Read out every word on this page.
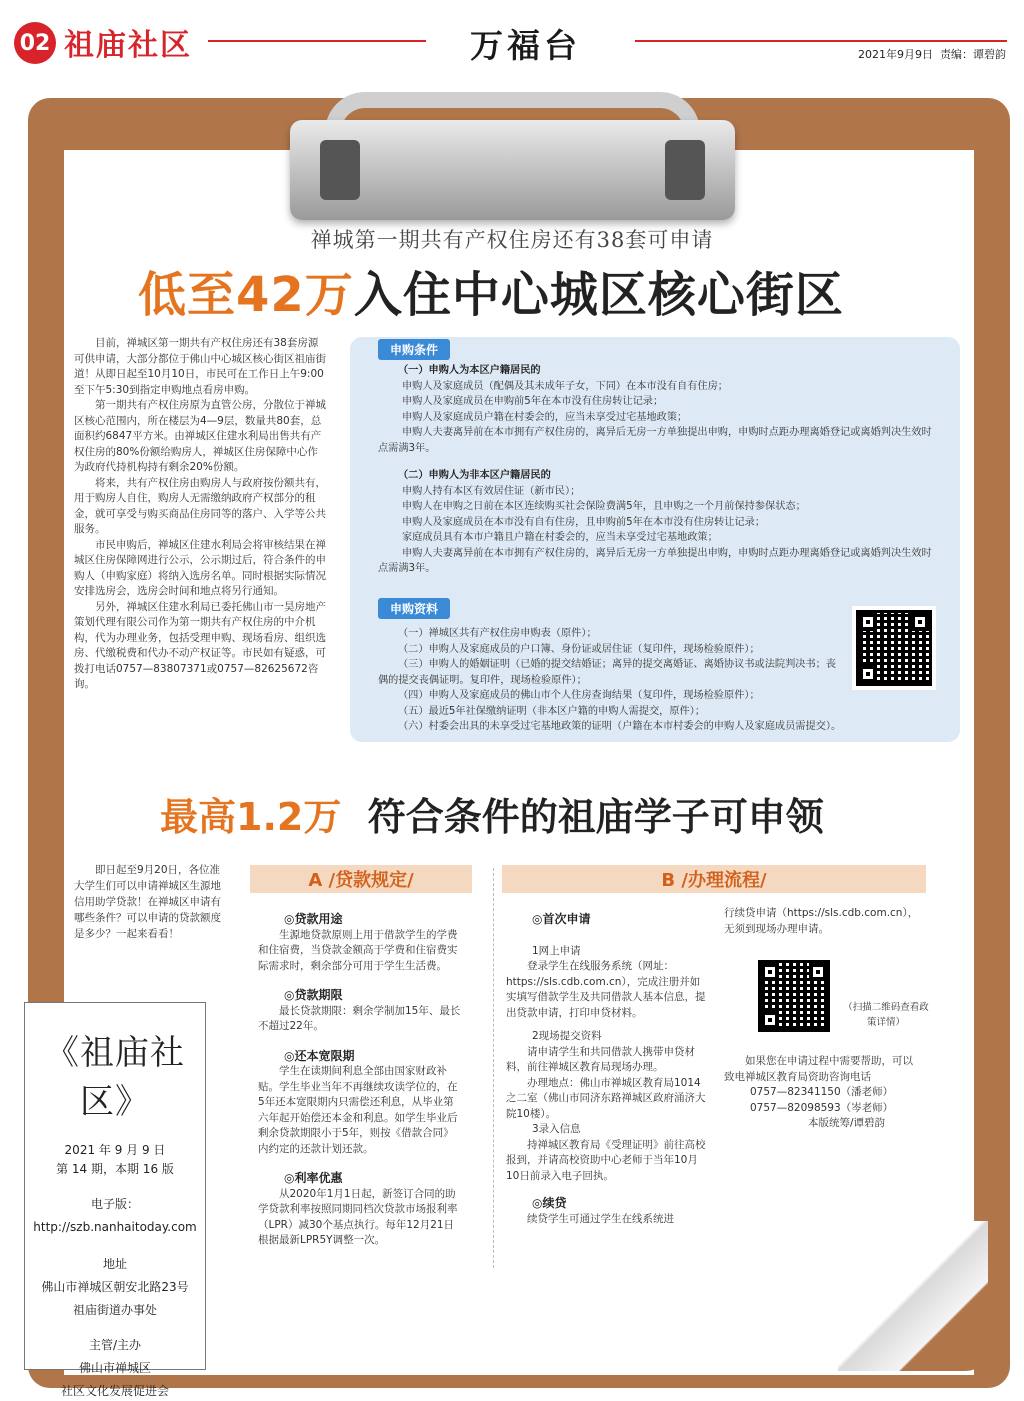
02 祖庙社区	万福台	2021年9月9日 责编：谭碧韵
禅城第一期共有产权住房还有38套可申请
低至42万入住中心城区核心街区

目前，禅城区第一期共有产权住房还有38套房源可供申请，大部分都位于佛山中心城区核心街区祖庙街道！从即日起至10月10日，市民可在工作日上午9:00至下午5:30到指定申购地点看房申购。

第一期共有产权住房原为直管公房，分散位于禅城区核心范围内，所在楼层为4—9层，数量共80套，总面积约6847平方米。由禅城区住建水利局出售共有产权住房的80%份额给购房人，禅城区住房保障中心作为政府代持机构持有剩余20%份额。

将来，共有产权住房由购房人与政府按份额共有，用于购房人自住，购房人无需缴纳政府产权部分的租金，就可享受与购买商品住房同等的落户、入学等公共服务。

市民申购后，禅城区住建水利局会将审核结果在禅城区住房保障网进行公示，公示期过后，符合条件的申购人（申购家庭）将纳入选房名单。同时根据实际情况安排选房会，选房会时间和地点将另行通知。

另外，禅城区住建水利局已委托佛山市一昊房地产策划代理有限公司作为第一期共有产权住房的中介机构，代为办理业务，包括受理申购、现场看房、组织选房、代缴税费和代办不动产权证等。市民如有疑惑，可拨打电话0757—83807371或0757—82625672咨询。

申购条件
（一）申购人为本区户籍居民的
申购人及家庭成员（配偶及其未成年子女，下同）在本市没有自有住房；
申购人及家庭成员在申购前5年在本市没有住房转让记录；
申购人及家庭成员户籍在村委会的，应当未享受过宅基地政策；
申购人夫妻离异前在本市拥有产权住房的，离异后无房一方单独提出申购，申购时点距办理离婚登记或离婚判决生效时点需满3年。
（二）申购人为非本区户籍居民的
申购人持有本区有效居住证（新市民）；
申购人在申购之日前在本区连续购买社会保险费满5年，且申购之一个月前保持参保状态；
申购人及家庭成员在本市没有自有住房，且申购前5年在本市没有住房转让记录；
家庭成员具有本市户籍且户籍在村委会的，应当未享受过宅基地政策；
申购人夫妻离异前在本市拥有产权住房的，离异后无房一方单独提出申购，申购时点距办理离婚登记或离婚判决生效时点需满3年。
申购资料
（一）禅城区共有产权住房申购表（原件）；
（二）申购人及家庭成员的户口簿、身份证或居住证（复印件，现场检验原件）；
（三）申购人的婚姻证明（已婚的提交结婚证；离异的提交离婚证、离婚协议书或法院判决书；丧偶的提交丧偶证明。复印件，现场检验原件）；
（四）申购人及家庭成员的佛山市个人住房查询结果（复印件，现场检验原件）；
（五）最近5年社保缴纳证明（非本区户籍的申购人需提交，原件）；
（六）村委会出具的未享受过宅基地政策的证明（户籍在本市村委会的申购人及家庭成员需提交）。
最高1.2万 符合条件的祖庙学子可申领

即日起至9月20日，各位准大学生们可以申请禅城区生源地信用助学贷款！在禅城区申请有哪些条件？可以申请的贷款额度是多少？一起来看看！

A /贷款规定/	B /办理流程/
◎贷款用途

生源地贷款原则上用于借款学生的学费和住宿费，当贷款金额高于学费和住宿费实际需求时，剩余部分可用于学生生活费。

◎贷款期限

最长贷款期限：剩余学制加15年、最长不超过22年。

◎还本宽限期

学生在读期间利息全部由国家财政补贴。学生毕业当年不再继续攻读学位的，在5年还本宽限期内只需偿还利息，从毕业第六年起开始偿还本金和利息。如学生毕业后剩余贷款期限小于5年，则按《借款合同》内约定的还款计划还款。

◎利率优惠

从2020年1月1日起，新签订合同的助学贷款利率按照同期同档次贷款市场报利率（LPR）减30个基点执行。每年12月21日根据最新LPR5Y调整一次。

◎首次申请
1网上申请

登录学生在线服务系统（网址：https://sls.cdb.com.cn），完成注册并如实填写借款学生及共同借款人基本信息，提出贷款申请，打印申贷材料。

2现场提交资料

请申请学生和共同借款人携带申贷材料，前往禅城区教育局现场办理。

办理地点：佛山市禅城区教育局1014之二室（佛山市同济东路禅城区政府涌济大院10楼）。

3录入信息

持禅城区教育局《受理证明》前往高校报到，并请高校资助中心老师于当年10月10日前录入电子回执。

◎续贷

续贷学生可通过学生在线系统进

行续贷申请（https://sls.cdb.com.cn），无须到现场办理申请。
（扫描二维码查看政策详情）

如果您在申请过程中需要帮助，可以致电禅城区教育局资助咨询电话

0757—82341150（潘老师）
0757—82098593（岑老师）
本版统筹/谭碧韵
《祖庙社区》
2021 年 9 月 9 日
第 14 期，本期 16 版
电子版：
http://szb.nanhaitoday.com
地址
佛山市禅城区朝安北路23号
祖庙街道办事处
主管/主办
佛山市禅城区
社区文化发展促进会
